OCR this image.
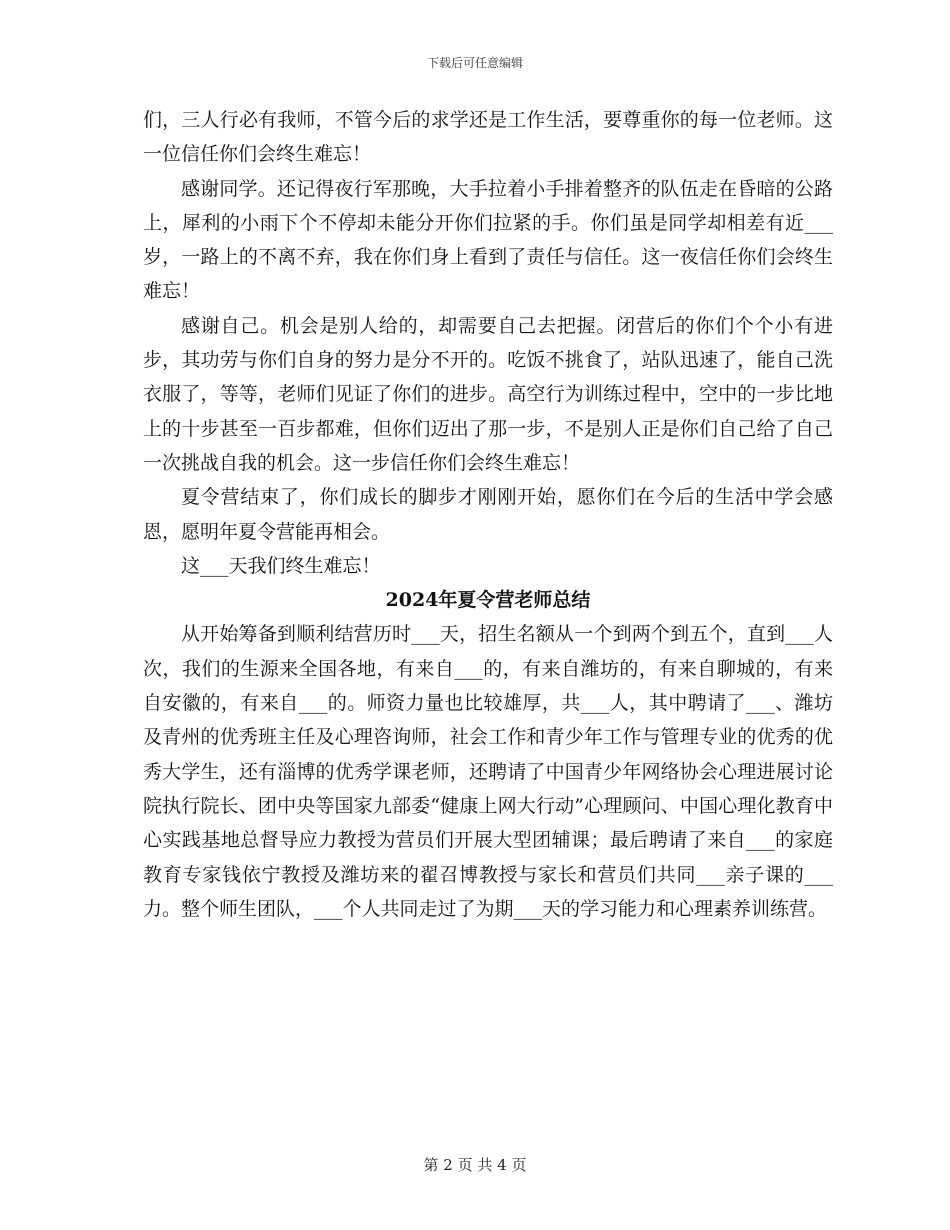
下载后可任意编辑

们，三人行必有我师，不管今后的求学还是工作生活，要尊重你的每一位老师。这一位信任你们会终生难忘！

感谢同学。还记得夜行军那晚，大手拉着小手排着整齐的队伍走在昏暗的公路上，犀利的小雨下个不停却未能分开你们拉紧的手。你们虽是同学却相差有近___岁，一路上的不离不弃，我在你们身上看到了责任与信任。这一夜信任你们会终生难忘！

感谢自己。机会是别人给的，却需要自己去把握。闭营后的你们个个小有进步，其功劳与你们自身的努力是分不开的。吃饭不挑食了，站队迅速了，能自己洗衣服了，等等，老师们见证了你们的进步。高空行为训练过程中，空中的一步比地上的十步甚至一百步都难，但你们迈出了那一步，不是别人正是你们自己给了自己一次挑战自我的机会。这一步信任你们会终生难忘！

夏令营结束了，你们成长的脚步才刚刚开始，愿你们在今后的生活中学会感恩，愿明年夏令营能再相会。

这___天我们终生难忘！

2024年夏令营老师总结

从开始筹备到顺利结营历时___天，招生名额从一个到两个到五个，直到___人次，我们的生源来全国各地，有来自___的，有来自潍坊的，有来自聊城的，有来自安徽的，有来自___的。师资力量也比较雄厚，共___人，其中聘请了___、潍坊及青州的优秀班主任及心理咨询师，社会工作和青少年工作与管理专业的优秀的优秀大学生，还有淄博的优秀学课老师，还聘请了中国青少年网络协会心理进展讨论院执行院长、团中央等国家九部委“健康上网大行动”心理顾问、中国心理化教育中心实践基地总督导应力教授为营员们开展大型团辅课；最后聘请了来自___的家庭教育专家钱依宁教授及潍坊来的翟召博教授与家长和营员们共同___亲子课的___力。整个师生团队，___个人共同走过了为期___天的学习能力和心理素养训练营。

第 2 页 共 4 页
